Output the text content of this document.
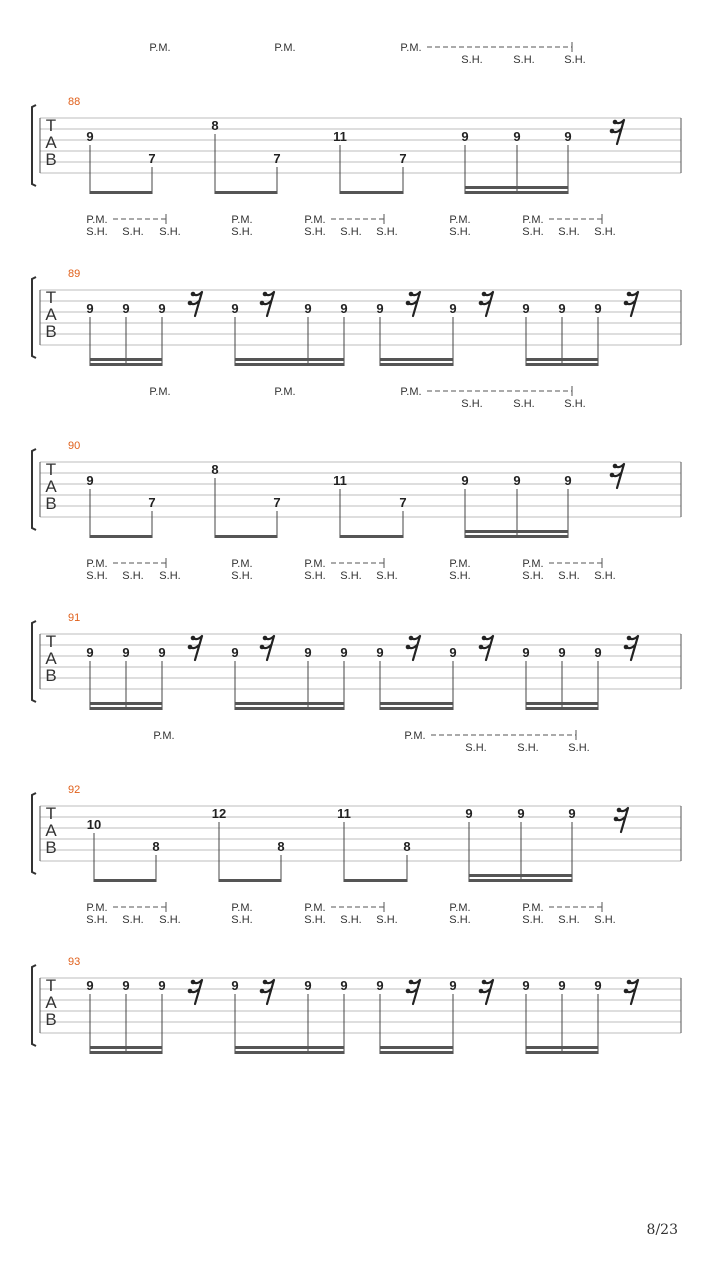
T
A
B
88
P.M.	P.M.	P.M.
S.H.	S.H.	S.H.
9
7
8
7
11
7
9	9	9
T
A
B
89
S.H. S.H. S.H.
P.M.
S.H.
P.M.
S.H. S.H. S.H.
P.M.
S.H.
P.M.
S.H. S.H. S.H.
P.M.
9 9 9	9	9 9 9	9	9 9 9
T
A
B
90
P.M.	P.M.	P.M.
S.H.	S.H.	S.H.
9
7
8
7
11
7
9	9	9
T
A
B
91
S.H. S.H. S.H.
P.M.
S.H.
P.M.
S.H. S.H. S.H.
P.M.
S.H.
P.M.
S.H. S.H. S.H.
P.M.
9 9 9	9	9 9 9	9	9 9 9
T
A
B
92
P.M.	P.M.
S.H.	S.H.	S.H.
10
8
12
8
11
8
9	9	9
T
A
B
93
S.H. S.H. S.H.
P.M.
S.H.
P.M.
S.H. S.H. S.H.
P.M.
S.H.
P.M.
S.H. S.H. S.H.
P.M.
9 9 9	9	9 9 9	9	9 9 9
8/23
